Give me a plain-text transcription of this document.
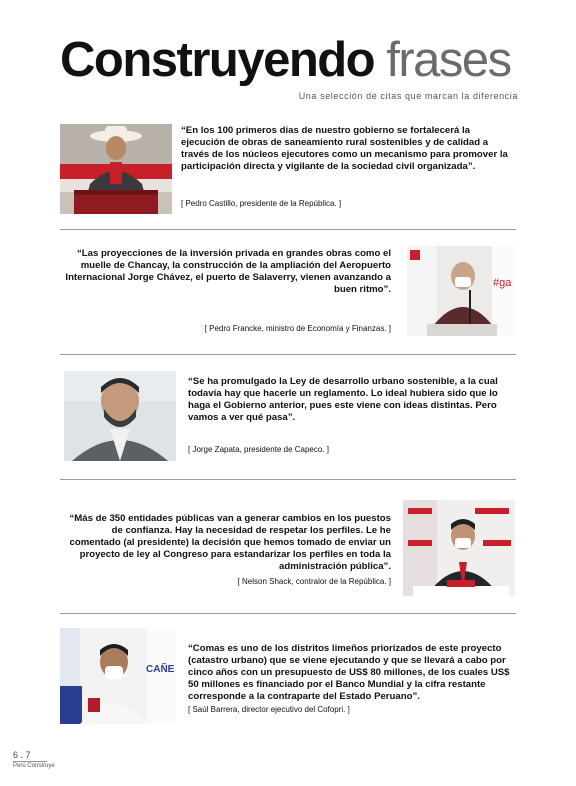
Construyendo frases
Una selección de citas que marcan la diferencia
“En los 100 primeros días de nuestro gobierno se fortalecerá la ejecución de obras de saneamiento rural sostenibles y de calidad a través de los núcleos ejecutores como un mecanismo para promover la participación directa y vigilante de la sociedad civil organizada”.
[ Pedro Castillo, presidente de la República. ]
“Las proyecciones de la inversión privada en grandes obras como el muelle de Chancay, la construcción de la ampliación del Aeropuerto Internacional Jorge Chávez, el puerto de Salaverry, vienen avanzando a buen ritmo”.
[ Pedro Francke, ministro de Economía y Finanzas. ]
#ga
“Se ha promulgado la Ley de desarrollo urbano sostenible, a la cual todavía hay que hacerle un reglamento. Lo ideal hubiera sido que lo haga el Gobierno anterior, pues este viene con ideas distintas. Pero vamos a ver qué pasa”.
[ Jorge Zapata, presidente de Capeco. ]
“Más de 350 entidades públicas van a generar cambios en los puestos de confianza. Hay la necesidad de respetar los perfiles. Le he comentado (al presidente) la decisión que hemos tomado de enviar un proyecto de ley al Congreso para estandarizar los perfiles en toda la administración pública”.
[ Nelson Shack, contralor de la República. ]
CAÑE
“Comas es uno de los distritos limeños priorizados de este proyecto (catastro urbano) que se viene ejecutando y que se llevará a cabo por cinco años con un presupuesto de US$ 80 millones, de los cuales US$ 50 millones es financiado por el Banco Mundial y la cifra restante corresponde a la contraparte del Estado Peruano”.
[ Saúl Barrera, director ejecutivo del Cofopri. ]
6 . 7
Perú Construye
